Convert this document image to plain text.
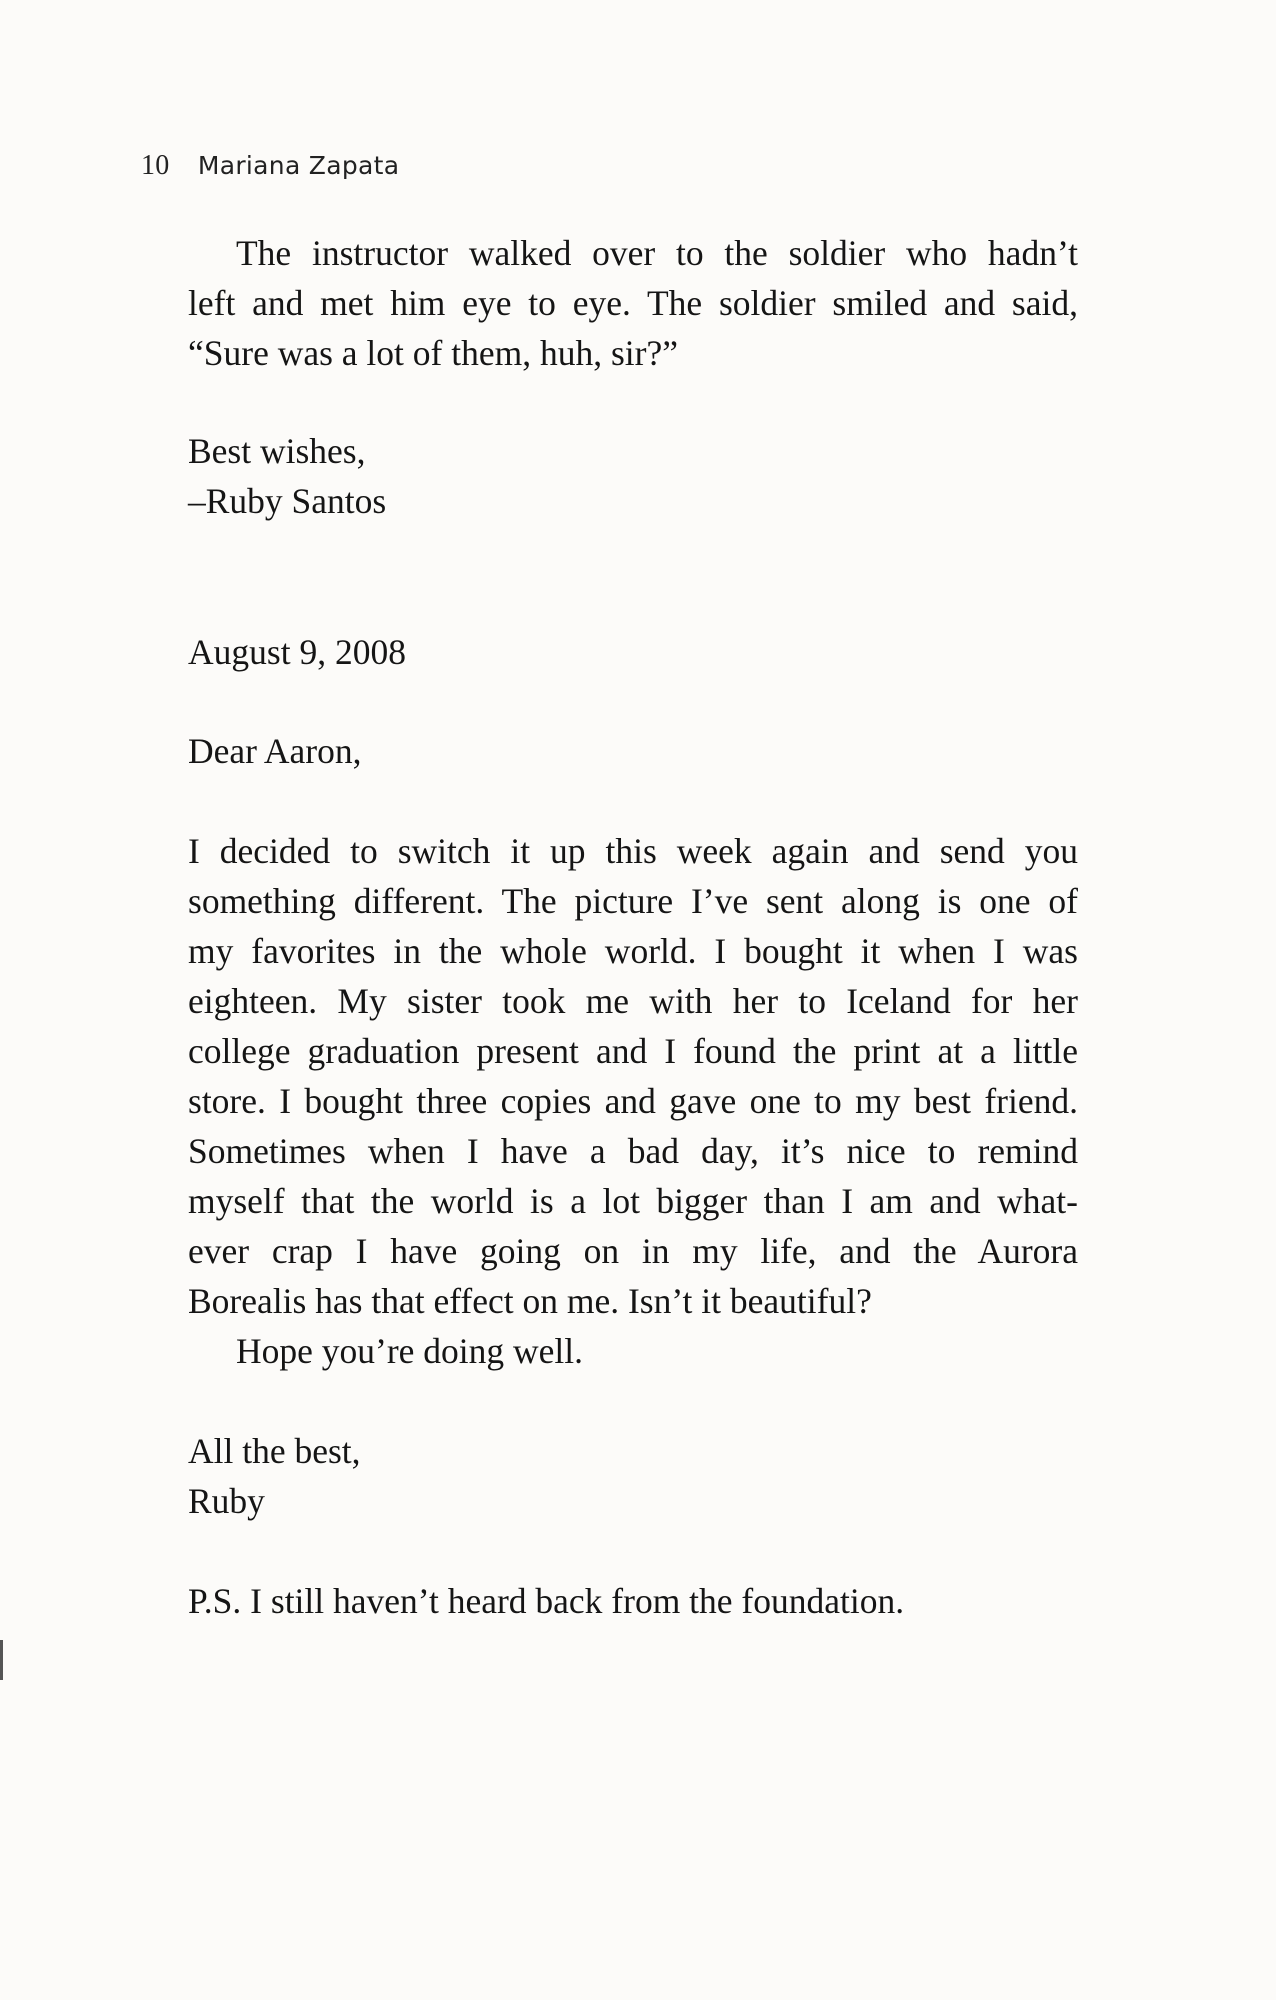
10 Mariana Zapata
The instructor walked over to the soldier who hadn’t
left and met him eye to eye. The soldier smiled and said,
“Sure was a lot of them, huh, sir?”
Best wishes,
–Ruby Santos
August 9, 2008
Dear Aaron,
I decided to switch it up this week again and send you
something different. The picture I’ve sent along is one of
my favorites in the whole world. I bought it when I was
eighteen. My sister took me with her to Iceland for her
college graduation present and I found the print at a little
store. I bought three copies and gave one to my best friend.
Sometimes when I have a bad day, it’s nice to remind
myself that the world is a lot bigger than I am and what-
ever crap I have going on in my life, and the Aurora
Borealis has that effect on me. Isn’t it beautiful?
Hope you’re doing well.
All the best,
Ruby
P.S. I still haven’t heard back from the foundation.
